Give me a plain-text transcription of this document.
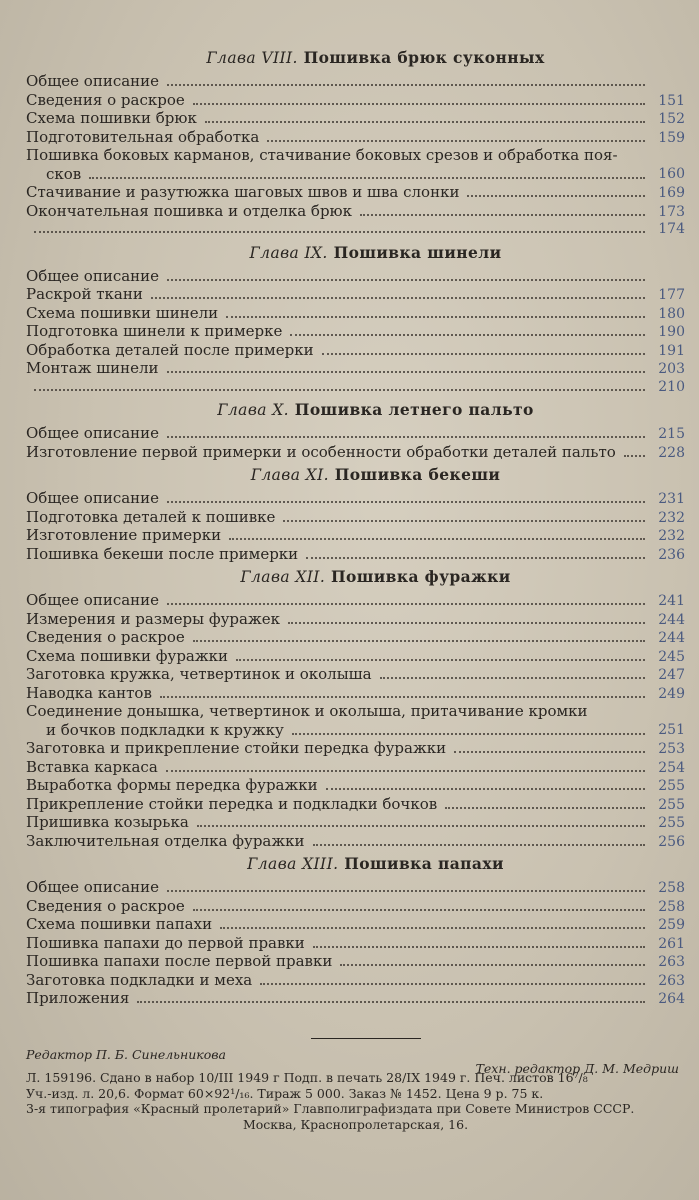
Глава VIII. Пошивка брюк суконных
Общее описание
Сведения о раскрое	151
Схема пошивки брюк	152
Подготовительная обработка	159
Пошивка боковых карманов, стачивание боковых срезов и обработка поя-
сков	160
Стачивание и разутюжка шаговых швов и шва слонки	169
Окончательная пошивка и отделка брюк	173
174
Глава IX. Пошивка шинели
Общее описание
Раскрой ткани	177
Схема пошивки шинели	180
Подготовка шинели к примерке	190
Обработка деталей после примерки	191
Монтаж шинели	203
210
Глава X. Пошивка летнего пальто
Общее описание	215
Изготовление первой примерки и особенности обработки деталей пальто	228
Глава XI. Пошивка бекеши
Общее описание	231
Подготовка деталей к пошивке	232
Изготовление примерки	232
Пошивка бекеши после примерки	236
Глава XII. Пошивка фуражки
Общее описание	241
Измерения и размеры фуражек	244
Сведения о раскрое	244
Схема пошивки фуражки	245
Заготовка кружка, четвертинок и околыша	247
Наводка кантов	249
Соединение донышка, четвертинок и околыша, притачивание кромки
и бочков подкладки к кружку	251
Заготовка и прикрепление стойки передка фуражки	253
Вставка каркаса	254
Выработка формы передка фуражки	255
Прикрепление стойки передка и подкладки бочков	255
Пришивка козырька	255
Заключительная отделка фуражки	256
Глава XIII. Пошивка папахи
Общее описание	258
Сведения о раскрое	258
Схема пошивки папахи	259
Пошивка папахи до первой правки	261
Пошивка папахи после первой правки	263
Заготовка подкладки и меха	263
Приложения	264
Редактор П. Б. Синельникова
Техн. редактор Д. М. Медриш
Л. 159196. Сдано в набор 10/III 1949 г Подп. в печать 28/IX 1949 г. Печ. листов 16⁷/₈
Уч.-изд. л. 20,6. Формат 60×92¹/₁₆. Тираж 5 000. Заказ № 1452. Цена 9 р. 75 к.
3-я типография «Красный пролетарий» Главполиграфиздата при Совете Министров СССР.
Москва, Краснопролетарская, 16.
